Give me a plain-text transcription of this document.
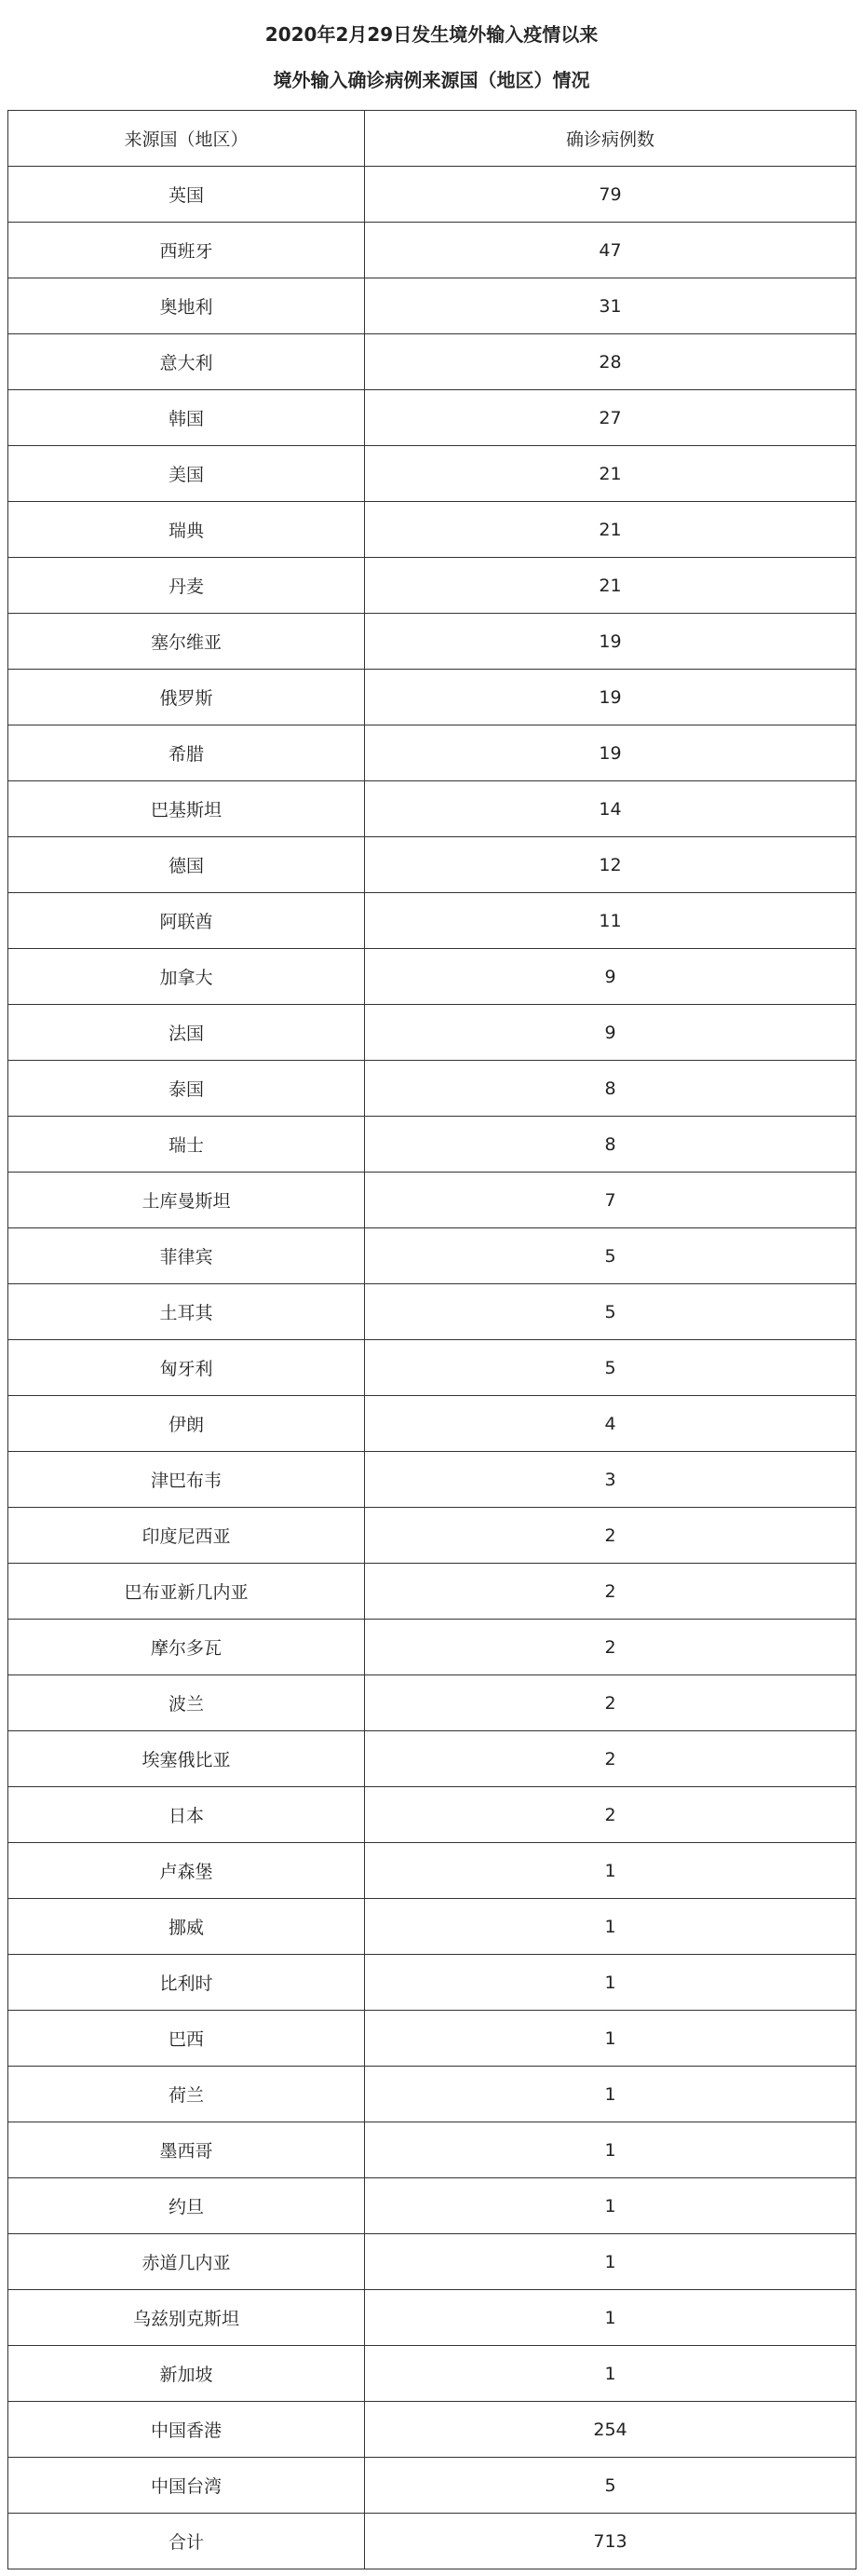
2020年2月29日发生境外输入疫情以来
境外输入确诊病例来源国（地区）情况
来源国（地区）	确诊病例数
英国	79
西班牙	47
奥地利	31
意大利	28
韩国	27
美国	21
瑞典	21
丹麦	21
塞尔维亚	19
俄罗斯	19
希腊	19
巴基斯坦	14
德国	12
阿联酋	11
加拿大	9
法国	9
泰国	8
瑞士	8
土库曼斯坦	7
菲律宾	5
土耳其	5
匈牙利	5
伊朗	4
津巴布韦	3
印度尼西亚	2
巴布亚新几内亚	2
摩尔多瓦	2
波兰	2
埃塞俄比亚	2
日本	2
卢森堡	1
挪威	1
比利时	1
巴西	1
荷兰	1
墨西哥	1
约旦	1
赤道几内亚	1
乌兹别克斯坦	1
新加坡	1
中国香港	254
中国台湾	5
合计	713
